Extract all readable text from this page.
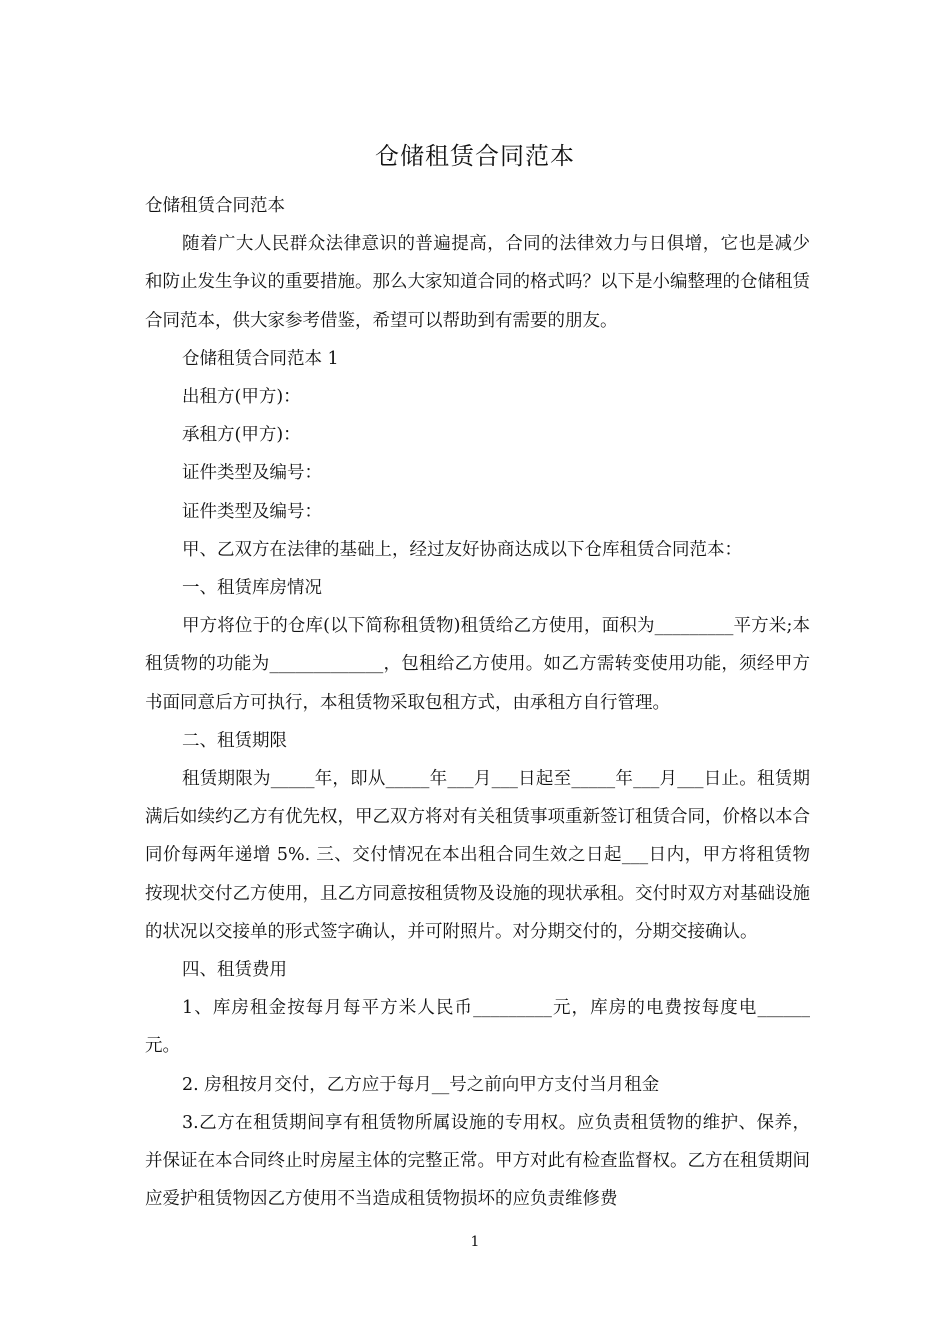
仓储租赁合同范本

仓储租赁合同范本

随着广大人民群众法律意识的普遍提高，合同的法律效力与日俱增，它也是减少和防止发生争议的重要措施。那么大家知道合同的格式吗？以下是小编整理的仓储租赁合同范本，供大家参考借鉴，希望可以帮助到有需要的朋友。

仓储租赁合同范本 1

出租方(甲方)：

承租方(甲方)：

证件类型及编号：

证件类型及编号：

甲、乙双方在法律的基础上，经过友好协商达成以下仓库租赁合同范本：

一、租赁库房情况

甲方将位于的仓库(以下简称租赁物)租赁给乙方使用，面积为_________平方米;本租赁物的功能为_____________，包租给乙方使用。如乙方需转变使用功能，须经甲方书面同意后方可执行，本租赁物采取包租方式，由承租方自行管理。

二、租赁期限

租赁期限为_____年，即从_____年___月___日起至_____年___月___日止。租赁期满后如续约乙方有优先权，甲乙双方将对有关租赁事项重新签订租赁合同，价格以本合同价每两年递增 5%. 三、交付情况在本出租合同生效之日起___日内，甲方将租赁物按现状交付乙方使用，且乙方同意按租赁物及设施的现状承租。交付时双方对基础设施的状况以交接单的形式签字确认，并可附照片。对分期交付的，分期交接确认。

四、租赁费用

1、库房租金按每月每平方米人民币_________元，库房的电费按每度电______元。

2. 房租按月交付，乙方应于每月__号之前向甲方支付当月租金

3.乙方在租赁期间享有租赁物所属设施的专用权。应负责租赁物的维护、保养，并保证在本合同终止时房屋主体的完整正常。甲方对此有检查监督权。乙方在租赁期间应爱护租赁物因乙方使用不当造成租赁物损坏的应负责维修费

1
